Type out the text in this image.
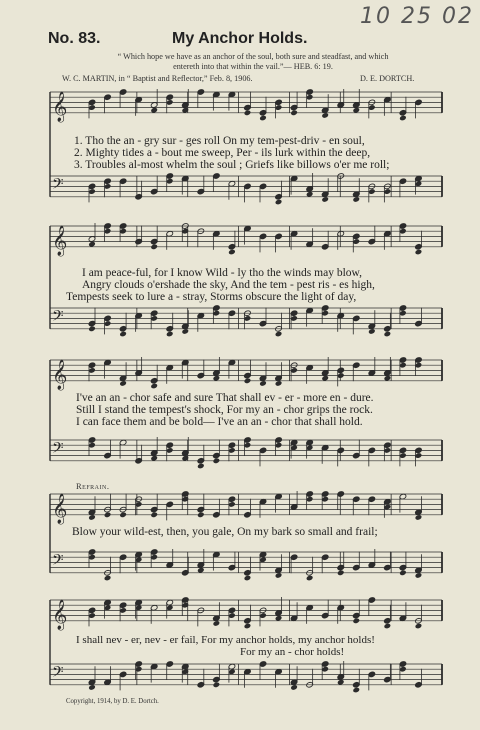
10 25 02
No. 83.	My Anchor Holds.
“ Which hope we have as an anchor of the soul, both sure and steadfast, and which
entereth into that within the vail.”— HEB. 6: 19.
W. C. MARTIN, in “ Baptist and Reflector,” Feb. 8, 1906.	D. E. DORTCH.
𝄞
𝄢
𝄞
𝄢
𝄞
𝄢
𝄞
𝄢
𝄞
𝄢
1. Tho the an - gry sur - ges roll On my tem-pest-driv - en soul,
2. Mighty tides a - bout me sweep, Per - ils lurk within the deep,
3. Troubles al-most whelm the soul ; Griefs like billows o'er me roll;
I am peace-ful, for I know Wild - ly tho the winds may blow,
Angry clouds o'ershade the sky, And the tem - pest ris - es high,
Tempests seek to lure a - stray, Storms obscure the light of day,
I've an an - chor safe and sure That shall ev - er - more en - dure.
Still I stand the tempest's shock, For my an - chor grips the rock.
I can face them and be bold— I've an an - chor that shall hold.
Refrain.
Blow your wild-est, then, you gale, On my bark so small and frail;
I shall nev - er, nev - er fail, For my anchor holds, my anchor holds!
For my an - chor holds!
Copyright, 1914, by D. E. Dortch.
